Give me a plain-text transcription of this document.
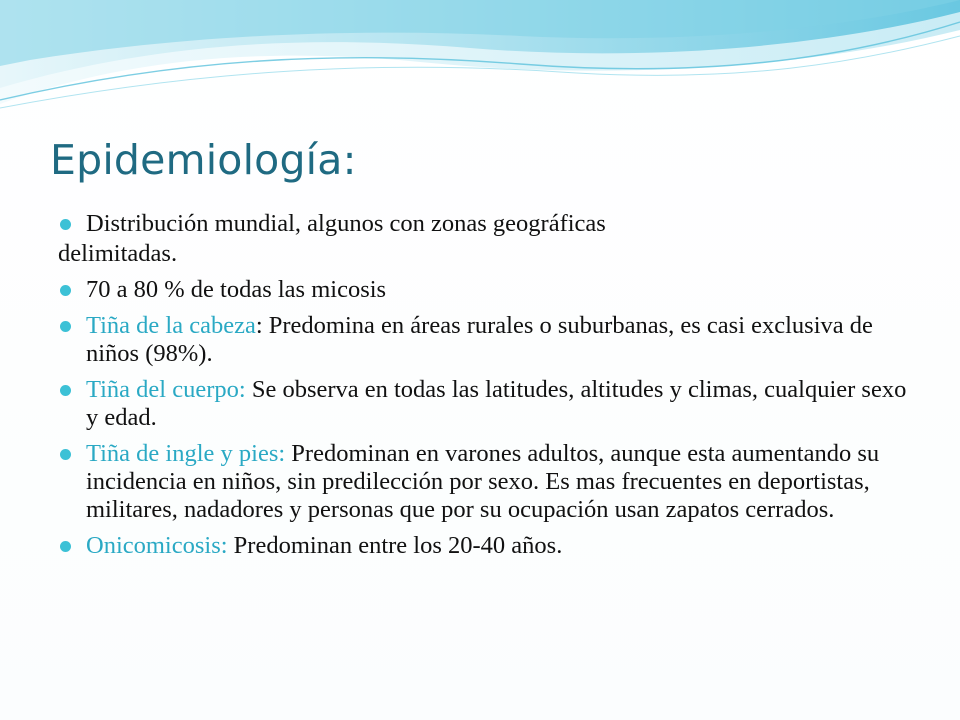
Epidemiología:
Distribución mundial, algunos con zonas geográficas
delimitadas.
70 a 80 % de todas las micosis
Tiña de la cabeza: Predomina en áreas rurales o suburbanas, es casi exclusiva de niños (98%).
Tiña del cuerpo: Se observa en todas las latitudes, altitudes y climas, cualquier sexo y edad.
Tiña de ingle y pies: Predominan en varones adultos, aunque esta aumentando su incidencia en niños, sin predilección por sexo. Es mas frecuentes en deportistas, militares, nadadores y personas que por su ocupación usan zapatos cerrados.
Onicomicosis: Predominan entre los 20-40 años.
